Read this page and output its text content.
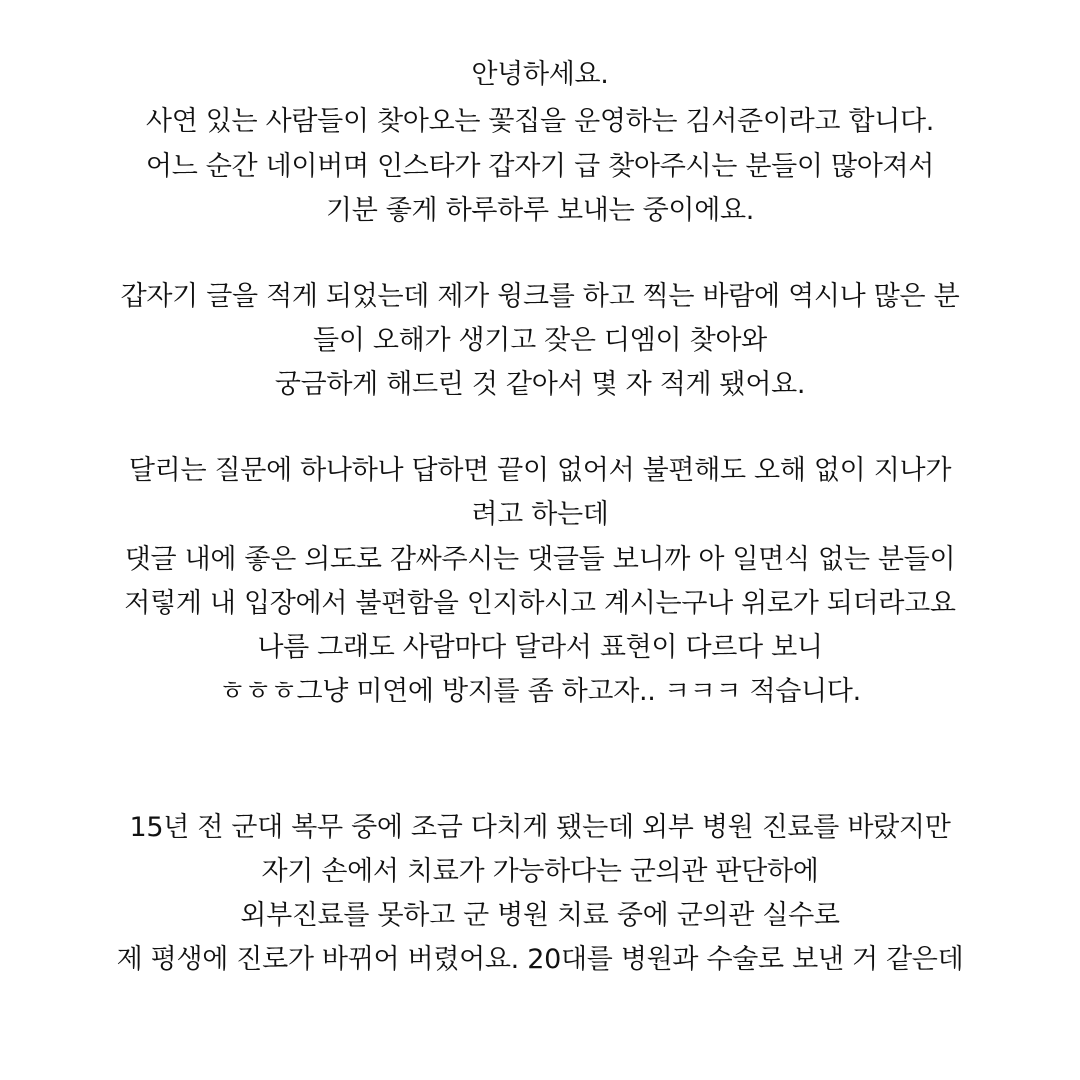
안녕하세요.
사연 있는 사람들이 찾아오는 꽃집을 운영하는 김서준이라고 합니다.
어느 순간 네이버며 인스타가 갑자기 급 찾아주시는 분들이 많아져서
기분 좋게 하루하루 보내는 중이에요.
갑자기 글을 적게 되었는데 제가 윙크를 하고 찍는 바람에 역시나 많은 분
들이 오해가 생기고 잦은 디엠이 찾아와
궁금하게 해드린 것 같아서 몇 자 적게 됐어요.
달리는 질문에 하나하나 답하면 끝이 없어서 불편해도 오해 없이 지나가
려고 하는데
댓글 내에 좋은 의도로 감싸주시는 댓글들 보니까 아 일면식 없는 분들이
저렇게 내 입장에서 불편함을 인지하시고 계시는구나 위로가 되더라고요
나름 그래도 사람마다 달라서 표현이 다르다 보니
ㅎㅎㅎ그냥 미연에 방지를 좀 하고자.. ㅋㅋㅋ 적습니다.
15년 전 군대 복무 중에 조금 다치게 됐는데 외부 병원 진료를 바랐지만
자기 손에서 치료가 가능하다는 군의관 판단하에
외부진료를 못하고 군 병원 치료 중에 군의관 실수로
제 평생에 진로가 바뀌어 버렸어요. 20대를 병원과 수술로 보낸 거 같은데
